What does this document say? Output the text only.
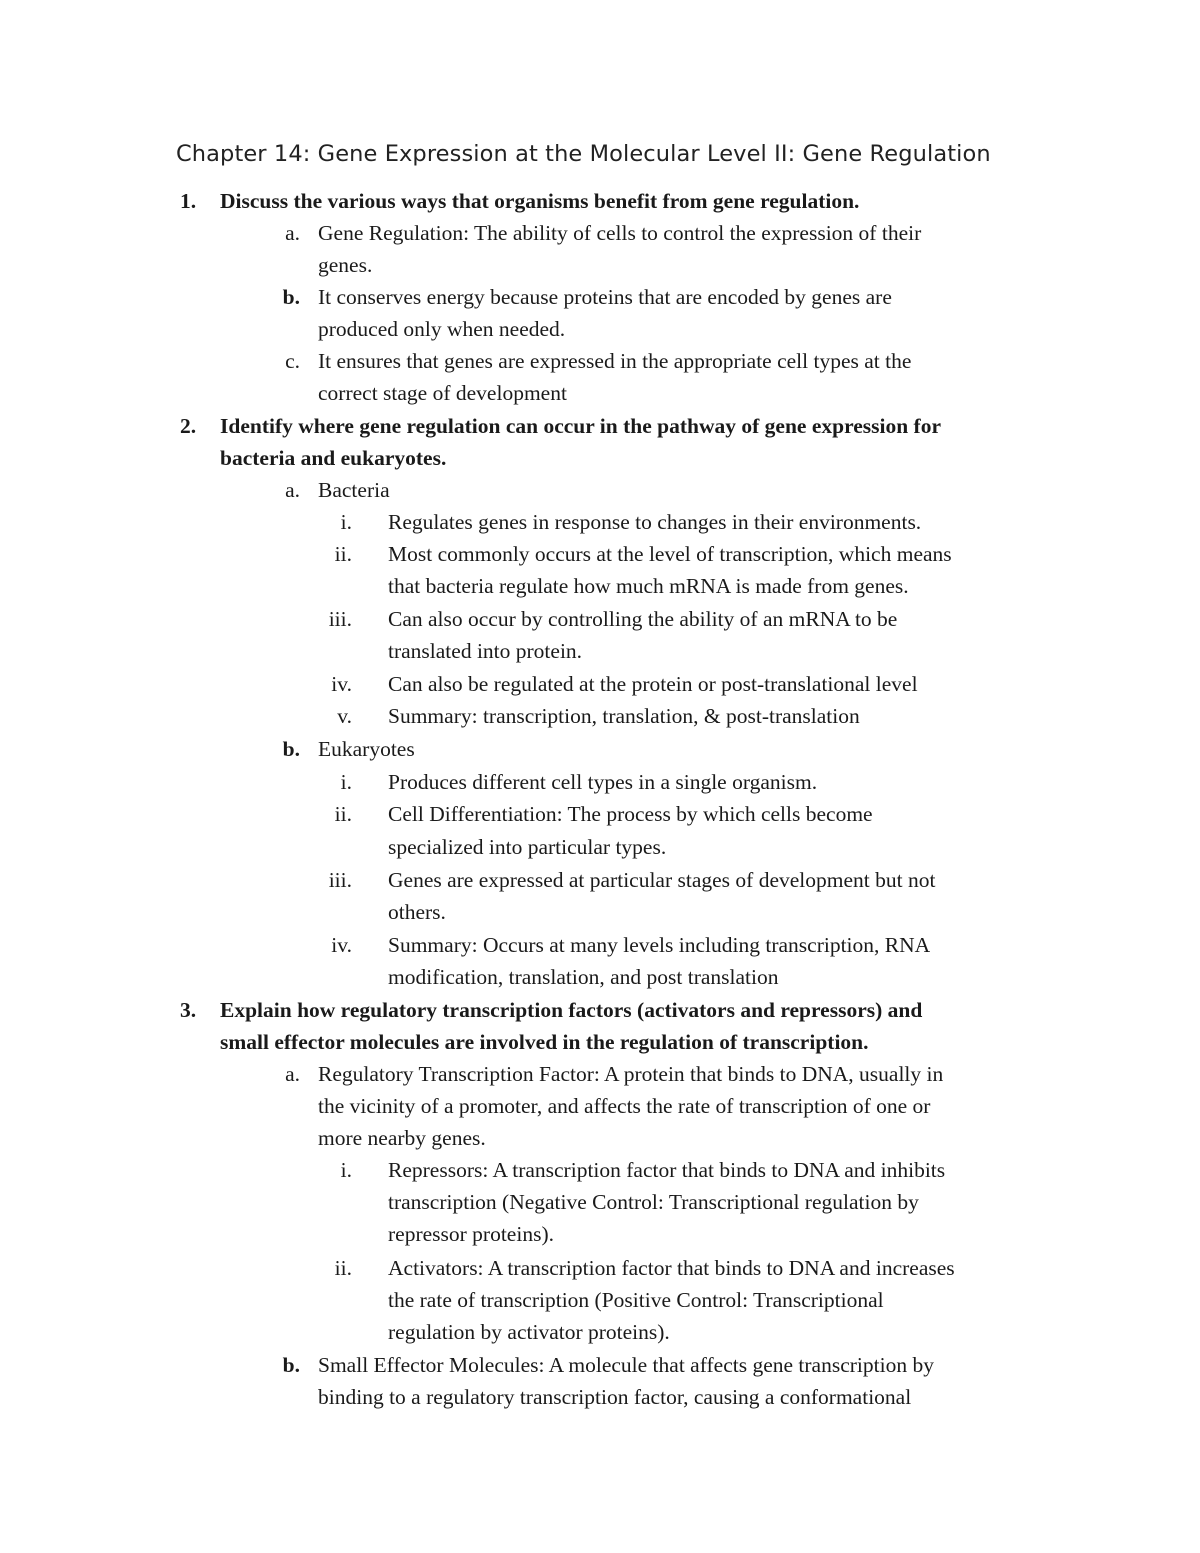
Chapter 14: Gene Expression at the Molecular Level II: Gene Regulation
1.	Discuss the various ways that organisms benefit from gene regulation.
a. Gene Regulation: The ability of cells to control the expression of their
genes.
b. It conserves energy because proteins that are encoded by genes are
produced only when needed.
c. It ensures that genes are expressed in the appropriate cell types at the
correct stage of development
2.	Identify where gene regulation can occur in the pathway of gene expression for
bacteria and eukaryotes.
a. Bacteria
i. Regulates genes in response to changes in their environments.
ii. Most commonly occurs at the level of transcription, which means
that bacteria regulate how much mRNA is made from genes.
iii. Can also occur by controlling the ability of an mRNA to be
translated into protein.
iv. Can also be regulated at the protein or post-translational level
v. Summary: transcription, translation, & post-translation
b. Eukaryotes
i. Produces different cell types in a single organism.
ii. Cell Differentiation: The process by which cells become
specialized into particular types.
iii. Genes are expressed at particular stages of development but not
others.
iv. Summary: Occurs at many levels including transcription, RNA
modification, translation, and post translation
3.	Explain how regulatory transcription factors (activators and repressors) and
small effector molecules are involved in the regulation of transcription.
a. Regulatory Transcription Factor: A protein that binds to DNA, usually in
the vicinity of a promoter, and affects the rate of transcription of one or
more nearby genes.
i. Repressors: A transcription factor that binds to DNA and inhibits
transcription (Negative Control: Transcriptional regulation by
repressor proteins).
ii. Activators: A transcription factor that binds to DNA and increases
the rate of transcription (Positive Control: Transcriptional
regulation by activator proteins).
b. Small Effector Molecules: A molecule that affects gene transcription by
binding to a regulatory transcription factor, causing a conformational
